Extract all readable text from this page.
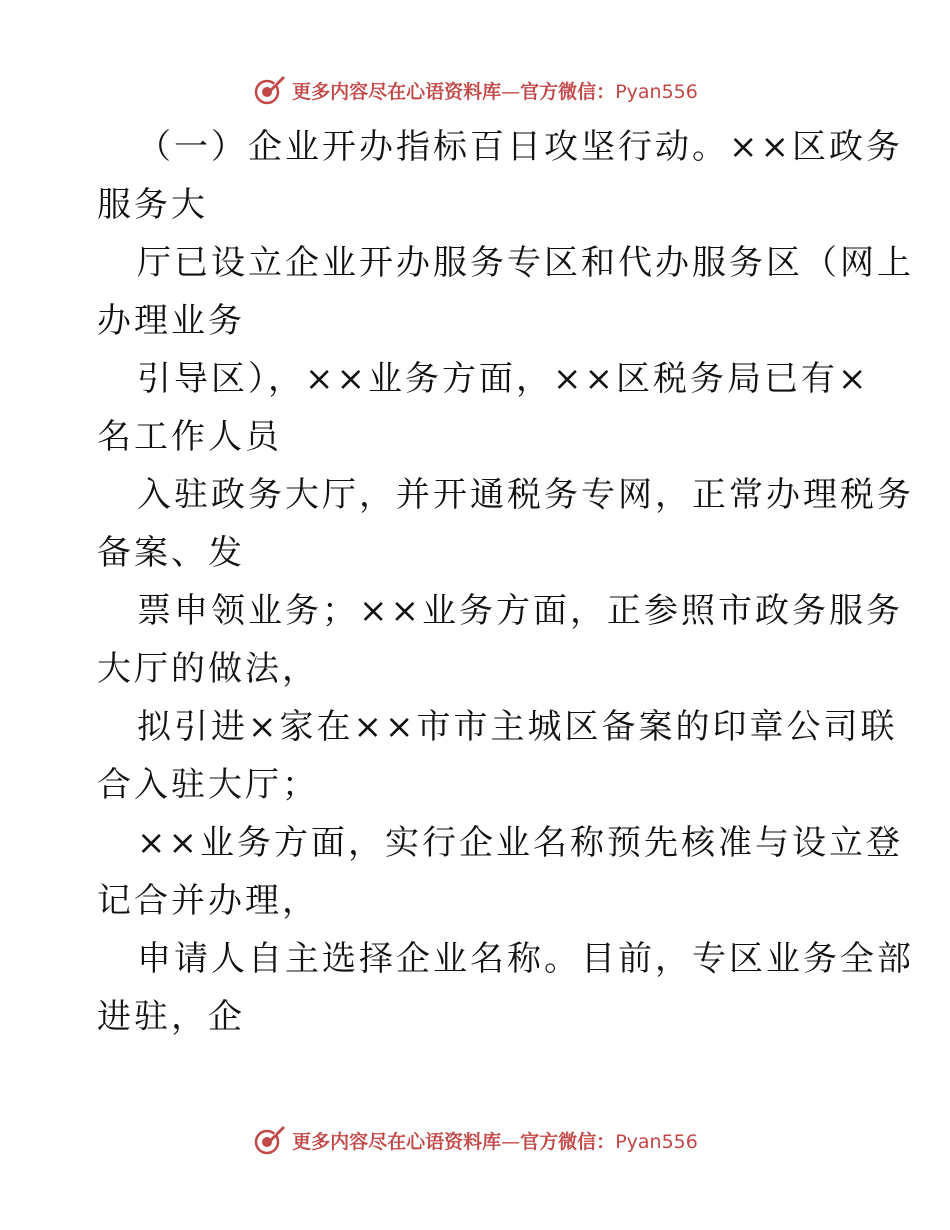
更多内容尽在心语资料库—官方微信：Pyan556
（一）企业开办指标百日攻坚行动。××区政务
服务大
厅已设立企业开办服务专区和代办服务区（网上
办理业务
引导区），××业务方面，××区税务局已有×
名工作人员
入驻政务大厅，并开通税务专网，正常办理税务
备案、发
票申领业务；××业务方面，正参照市政务服务
大厅的做法，
拟引进×家在××市市主城区备案的印章公司联
合入驻大厅；
××业务方面，实行企业名称预先核准与设立登
记合并办理，
申请人自主选择企业名称。目前，专区业务全部
进驻，企
更多内容尽在心语资料库—官方微信：Pyan556
